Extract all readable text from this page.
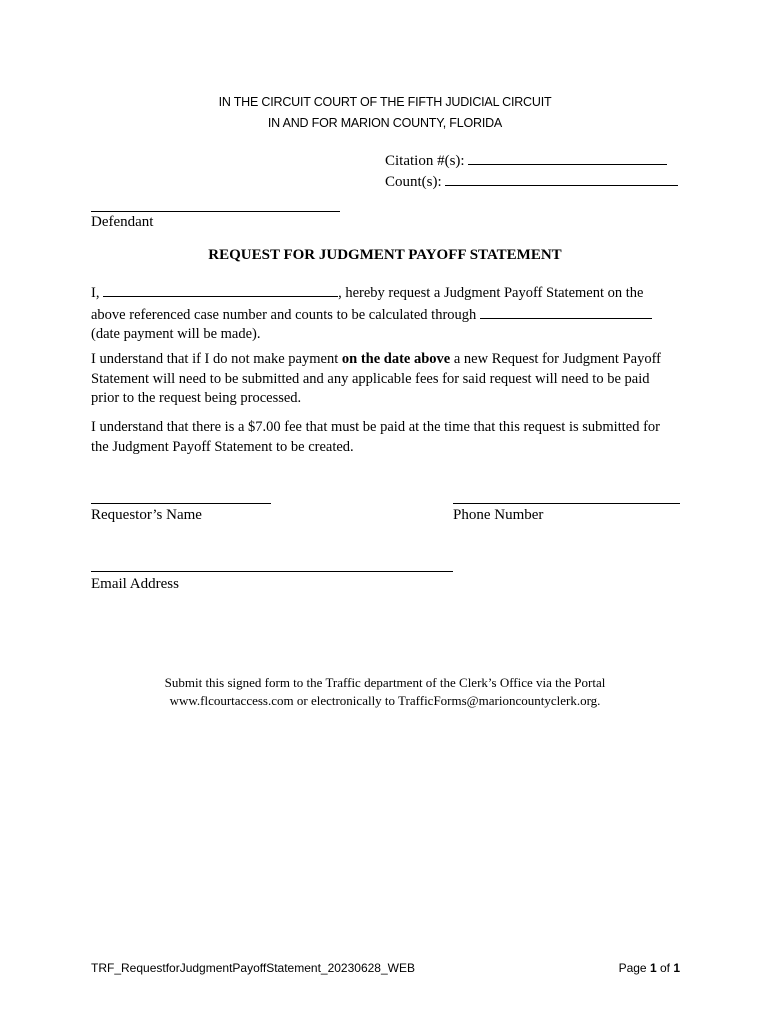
IN THE CIRCUIT COURT OF THE FIFTH JUDICIAL CIRCUIT
IN AND FOR MARION COUNTY, FLORIDA
Citation #(s):
Count(s):
Defendant
REQUEST FOR JUDGMENT PAYOFF STATEMENT

I,	, hereby request a Judgment Payoff Statement on the

above referenced case number and counts to be calculated through

(date payment will be made).

I understand that if I do not make payment on the date above a new Request for Judgment Payoff Statement will need to be submitted and any applicable fees for said request will need to be paid prior to the request being processed.

I understand that there is a $7.00 fee that must be paid at the time that this request is submitted for the Judgment Payoff Statement to be created.

Requestor’s Name	Phone Number
Email Address
Submit this signed form to the Traffic department of the Clerk’s Office via the Portal
www.flcourtaccess.com or electronically to TrafficForms@marioncountyclerk.org.
TRF_RequestforJudgmentPayoffStatement_20230628_WEB	Page 1 of 1
